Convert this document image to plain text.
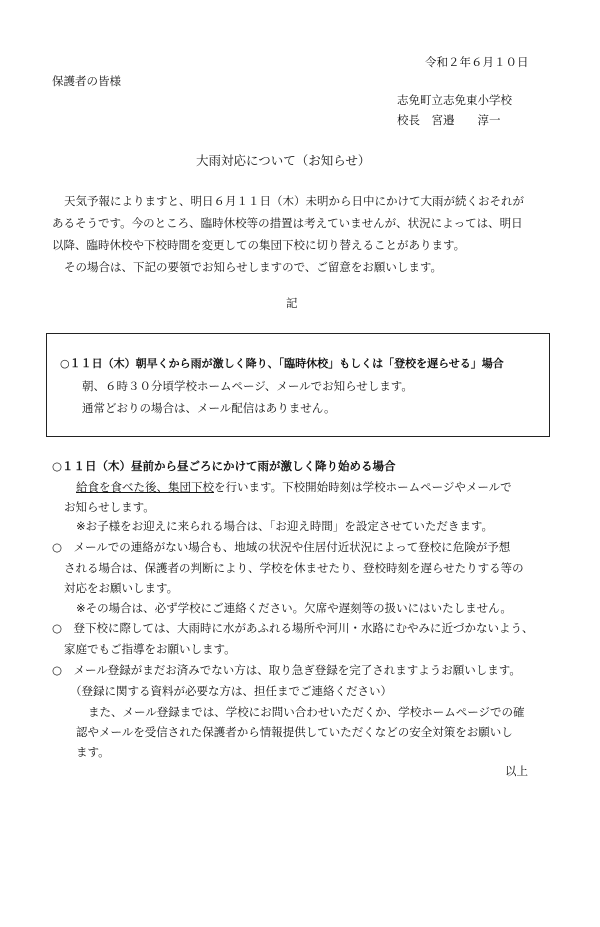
令和２年６月１０日
保護者の皆様
志免町立志免東小学校
校長　宮邉　　淳一
大雨対応について（お知らせ）
天気予報によりますと、明日６月１１日（木）未明から日中にかけて大雨が続くおそれが
あるそうです。今のところ、臨時休校等の措置は考えていませんが、状況によっては、明日
以降、臨時休校や下校時間を変更しての集団下校に切り替えることがあります。
その場合は、下記の要領でお知らせしますので、ご留意をお願いします。
記
○１１日（木）朝早くから雨が激しく降り、「臨時休校」もしくは「登校を遅らせる」場合
朝、６時３０分頃学校ホームページ、メールでお知らせします。
通常どおりの場合は、メール配信はありません。
○１１日（木）昼前から昼ごろにかけて雨が激しく降り始める場合
給食を食べた後、集団下校を行います。下校開始時刻は学校ホームページやメールで
お知らせします。
※お子様をお迎えに来られる場合は、「お迎え時間」を設定させていただきます。
○　メールでの連絡がない場合も、地域の状況や住居付近状況によって登校に危険が予想
される場合は、保護者の判断により、学校を休ませたり、登校時刻を遅らせたりする等の
対応をお願いします。
※その場合は、必ず学校にご連絡ください。欠席や遅刻等の扱いにはいたしません。
○　登下校に際しては、大雨時に水があふれる場所や河川・水路にむやみに近づかないよう、
家庭でもご指導をお願いします。
○　メール登録がまだお済みでない方は、取り急ぎ登録を完了されますようお願いします。
（登録に関する資料が必要な方は、担任までご連絡ください）
また、メール登録までは、学校にお問い合わせいただくか、学校ホームページでの確
認やメールを受信された保護者から情報提供していただくなどの安全対策をお願いし
ます。
以上
